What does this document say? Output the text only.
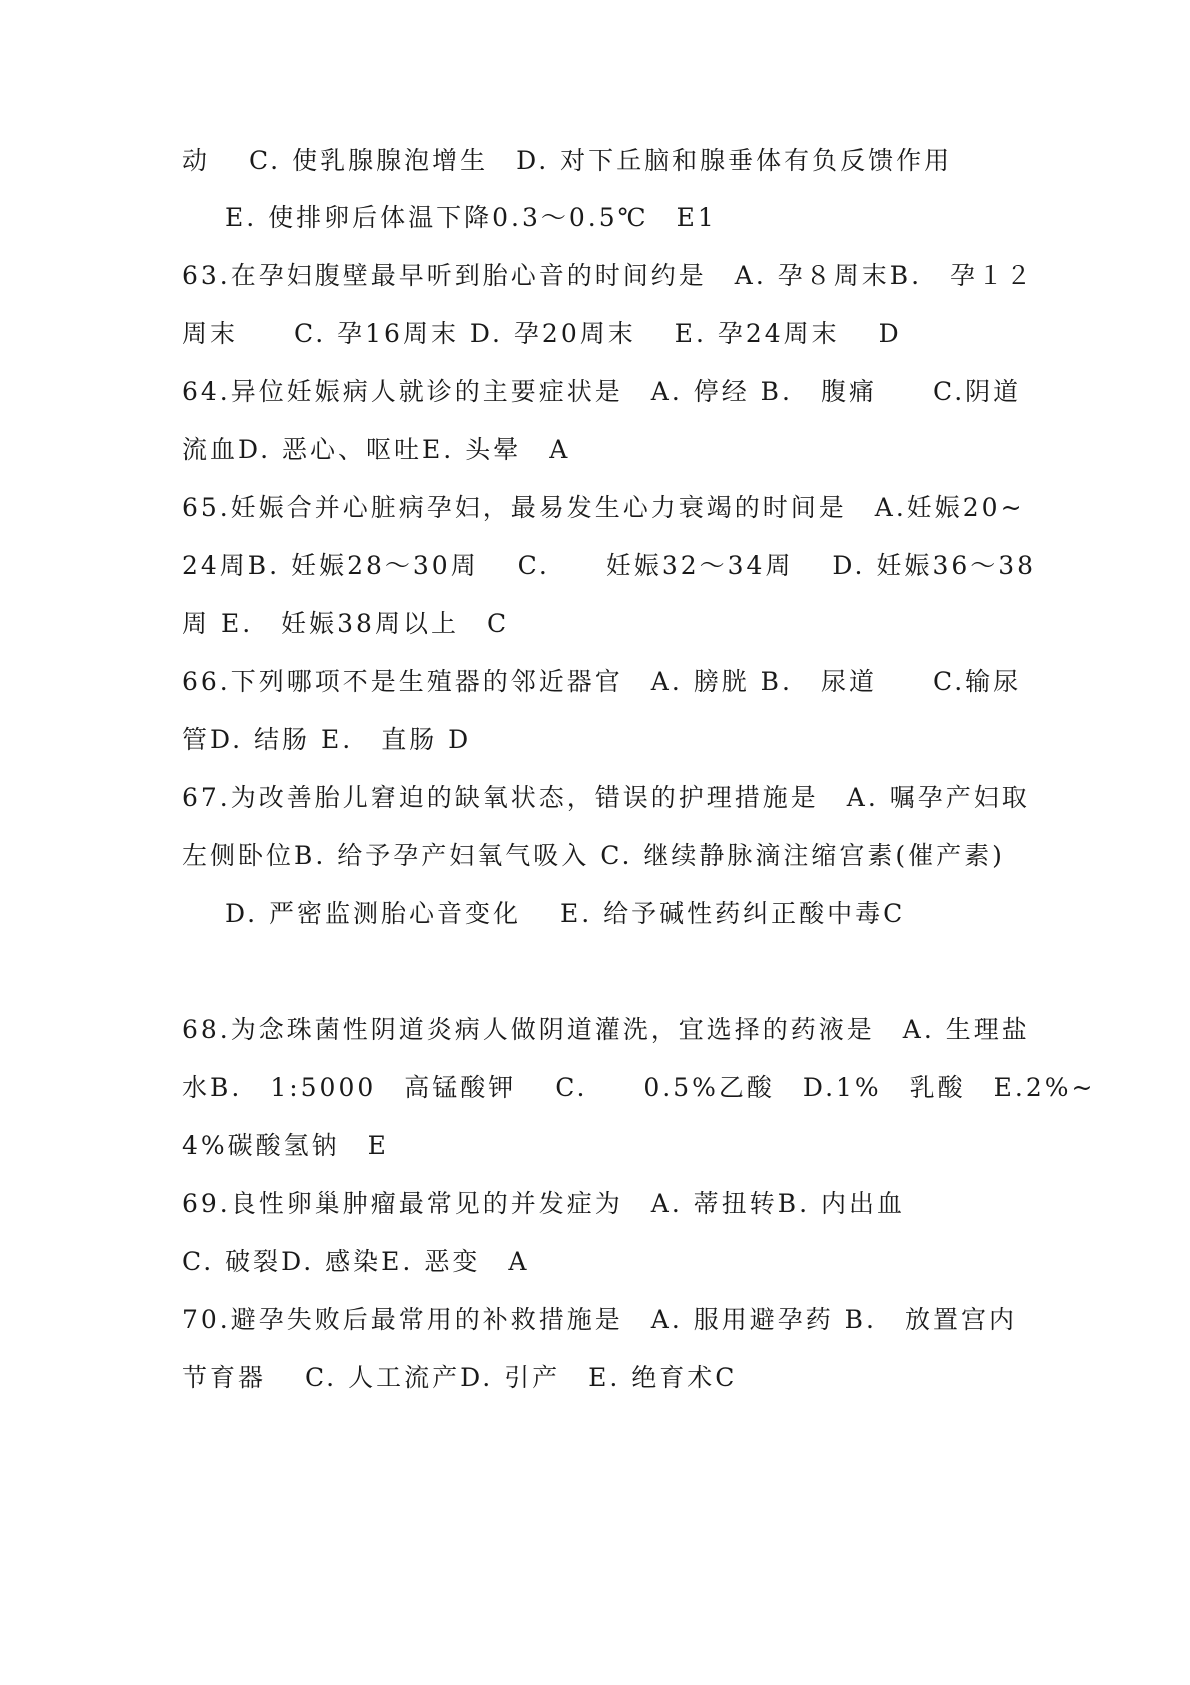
动　 C. 使乳腺腺泡增生　D. 对下丘脑和腺垂体有负反馈作用
E. 使排卵后体温下降0.3～0.5℃　E1
63.在孕妇腹壁最早听到胎心音的时间约是　A. 孕８周末B.　孕１２
周末　　C. 孕16周末 D. 孕20周末　 E. 孕24周末　 D
64.异位妊娠病人就诊的主要症状是　A. 停经 B.　腹痛　　C.阴道
流血D. 恶心、呕吐E. 头晕　A
65.妊娠合并心脏病孕妇，最易发生心力衰竭的时间是　A.妊娠20~
24周B. 妊娠28～30周　 C.　　妊娠32～34周　 D. 妊娠36～38
周 E.　妊娠38周以上　C
66.下列哪项不是生殖器的邻近器官　A. 膀胱 B.　尿道　　C.输尿
管D. 结肠 E.　直肠 D
67.为改善胎儿窘迫的缺氧状态，错误的护理措施是　A. 嘱孕产妇取
左侧卧位B. 给予孕产妇氧气吸入 C. 继续静脉滴注缩宫素(催产素)
D. 严密监测胎心音变化　 E. 给予碱性药纠正酸中毒C
68.为念珠菌性阴道炎病人做阴道灌洗，宜选择的药液是　A. 生理盐
水B.　1:5000　高锰酸钾　 C.　　0.5%乙酸　D.1%　乳酸　E.2%~
4%碳酸氢钠　E
69.良性卵巢肿瘤最常见的并发症为　A. 蒂扭转B. 内出血
C. 破裂D. 感染E. 恶变　A
70.避孕失败后最常用的补救措施是　A. 服用避孕药 B.　放置宫内
节育器　 C. 人工流产D. 引产　E. 绝育术C
